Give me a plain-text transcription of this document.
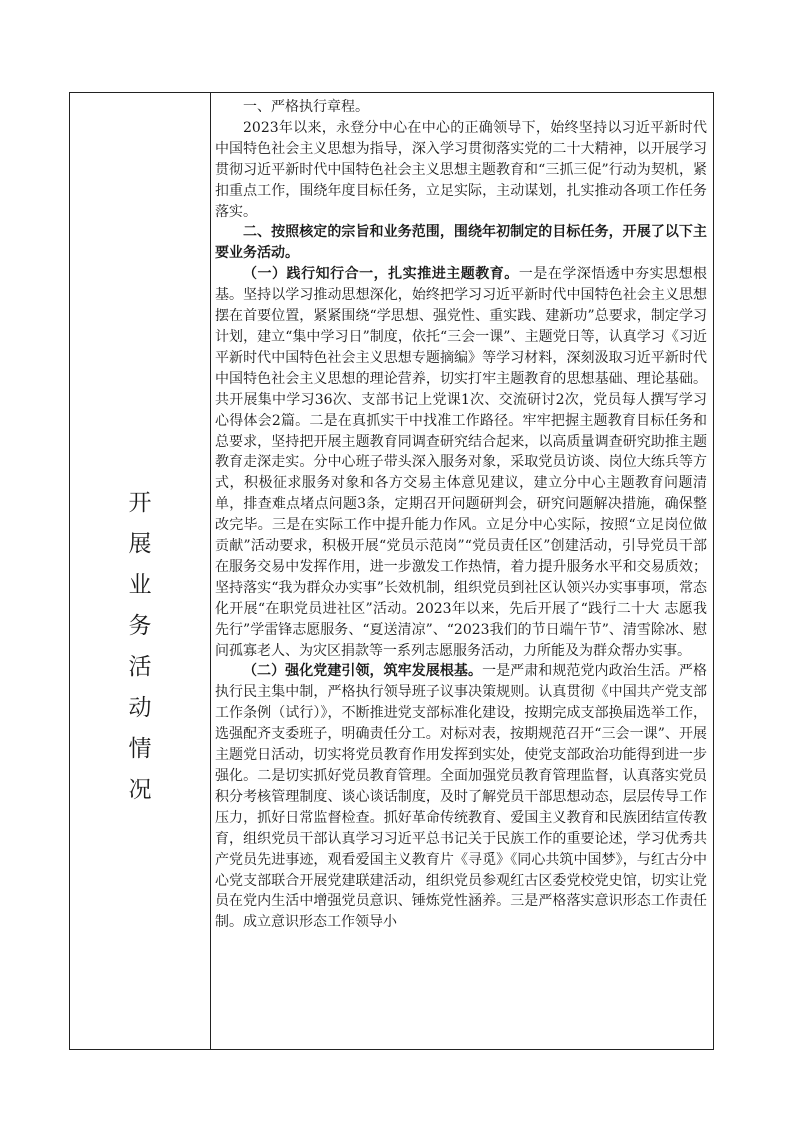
开
展
业
务
活
动
情
况

一、严格执行章程。

2023年以来，永登分中心在中心的正确领导下，始终坚持以习近平新时代中国特色社会主义思想为指导，深入学习贯彻落实党的二十大精神，以开展学习贯彻习近平新时代中国特色社会主义思想主题教育和“三抓三促”行动为契机，紧扣重点工作，围绕年度目标任务，立足实际，主动谋划，扎实推动各项工作任务落实。

二、按照核定的宗旨和业务范围，围绕年初制定的目标任务，开展了以下主要业务活动。

（一）践行知行合一，扎实推进主题教育。一是在学深悟透中夯实思想根基。坚持以学习推动思想深化，始终把学习习近平新时代中国特色社会主义思想摆在首要位置，紧紧围绕“学思想、强党性、重实践、建新功”总要求，制定学习计划，建立“集中学习日”制度，依托“三会一课”、主题党日等，认真学习《习近平新时代中国特色社会主义思想专题摘编》等学习材料，深刻汲取习近平新时代中国特色社会主义思想的理论营养，切实打牢主题教育的思想基础、理论基础。共开展集中学习36次、支部书记上党课1次、交流研讨2次，党员每人撰写学习心得体会2篇。二是在真抓实干中找准工作路径。牢牢把握主题教育目标任务和总要求，坚持把开展主题教育同调查研究结合起来，以高质量调查研究助推主题教育走深走实。分中心班子带头深入服务对象，采取党员访谈、岗位大练兵等方式，积极征求服务对象和各方交易主体意见建议，建立分中心主题教育问题清单，排查难点堵点问题3条，定期召开问题研判会，研究问题解决措施，确保整改完毕。三是在实际工作中提升能力作风。立足分中心实际，按照“立足岗位做贡献”活动要求，积极开展“党员示范岗”“党员责任区”创建活动，引导党员干部在服务交易中发挥作用，进一步激发工作热情，着力提升服务水平和交易质效；坚持落实“我为群众办实事”长效机制，组织党员到社区认领兴办实事事项，常态化开展“在职党员进社区”活动。2023年以来，先后开展了“践行二十大 志愿我先行”学雷锋志愿服务、“夏送清凉”、“2023我们的节日端午节”、清雪除冰、慰问孤寡老人、为灾区捐款等一系列志愿服务活动，力所能及为群众帮办实事。

（二）强化党建引领，筑牢发展根基。一是严肃和规范党内政治生活。严格执行民主集中制，严格执行领导班子议事决策规则。认真贯彻《中国共产党支部工作条例（试行）》，不断推进党支部标准化建设，按期完成支部换届选举工作，选强配齐支委班子，明确责任分工。对标对表，按期规范召开“三会一课”、开展主题党日活动，切实将党员教育作用发挥到实处，使党支部政治功能得到进一步强化。二是切实抓好党员教育管理。全面加强党员教育管理监督，认真落实党员积分考核管理制度、谈心谈话制度，及时了解党员干部思想动态，层层传导工作压力，抓好日常监督检查。抓好革命传统教育、爱国主义教育和民族团结宣传教育，组织党员干部认真学习习近平总书记关于民族工作的重要论述，学习优秀共产党员先进事迹，观看爱国主义教育片《寻觅》《同心共筑中国梦》，与红古分中心党支部联合开展党建联建活动，组织党员参观红古区委党校党史馆，切实让党员在党内生活中增强党员意识、锤炼党性涵养。三是严格落实意识形态工作责任制。成立意识形态工作领导小
